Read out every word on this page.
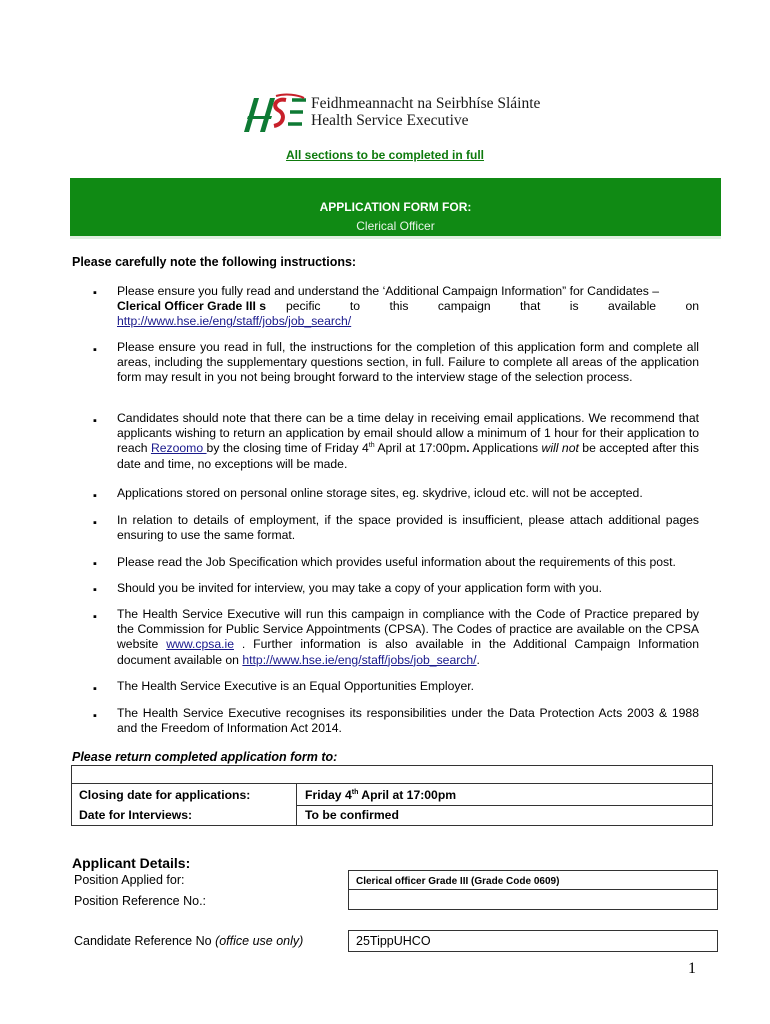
Feidhmeannacht na Seirbhíse Sláinte
Health Service Executive
All sections to be completed in full
APPLICATION FORM FOR:
Clerical Officer
Please carefully note the following instructions:
▪ Please ensure you fully read and understand the ‘Additional Campaign Information” for Candidates –
Clerical Officer Grade III s pecific to this campaign that is available on
http://www.hse.ie/eng/staff/jobs/job_search/
▪ Please ensure you read in full, the instructions for the completion of this application form and complete all areas, including the supplementary questions section, in full. Failure to complete all areas of the application form may result in you not being brought forward to the interview stage of the selection process.
▪ Candidates should note that there can be a time delay in receiving email applications. We recommend that applicants wishing to return an application by email should allow a minimum of 1 hour for their application to reach Rezoomo by the closing time of Friday 4th April at 17:00pm. Applications will not be accepted after this date and time, no exceptions will be made.
▪ Applications stored on personal online storage sites, eg. skydrive, icloud etc. will not be accepted.
▪ In relation to details of employment, if the space provided is insufficient, please attach additional pages ensuring to use the same format.
▪ Please read the Job Specification which provides useful information about the requirements of this post.
▪ Should you be invited for interview, you may take a copy of your application form with you.
▪ The Health Service Executive will run this campaign in compliance with the Code of Practice prepared by the Commission for Public Service Appointments (CPSA). The Codes of practice are available on the CPSA website www.cpsa.ie . Further information is also available in the Additional Campaign Information document available on http://www.hse.ie/eng/staff/jobs/job_search/.
▪ The Health Service Executive is an Equal Opportunities Employer.
▪ The Health Service Executive recognises its responsibilities under the Data Protection Acts 2003 & 1988 and the Freedom of Information Act 2014.
Please return completed application form to:
Closing date for applications:	Friday 4th April at 17:00pm
Date for Interviews:	To be confirmed
Applicant Details:
Position Applied for:	Clerical officer Grade III (Grade Code 0609)
Position Reference No.:
Candidate Reference No (office use only)	25TippUHCO
1
